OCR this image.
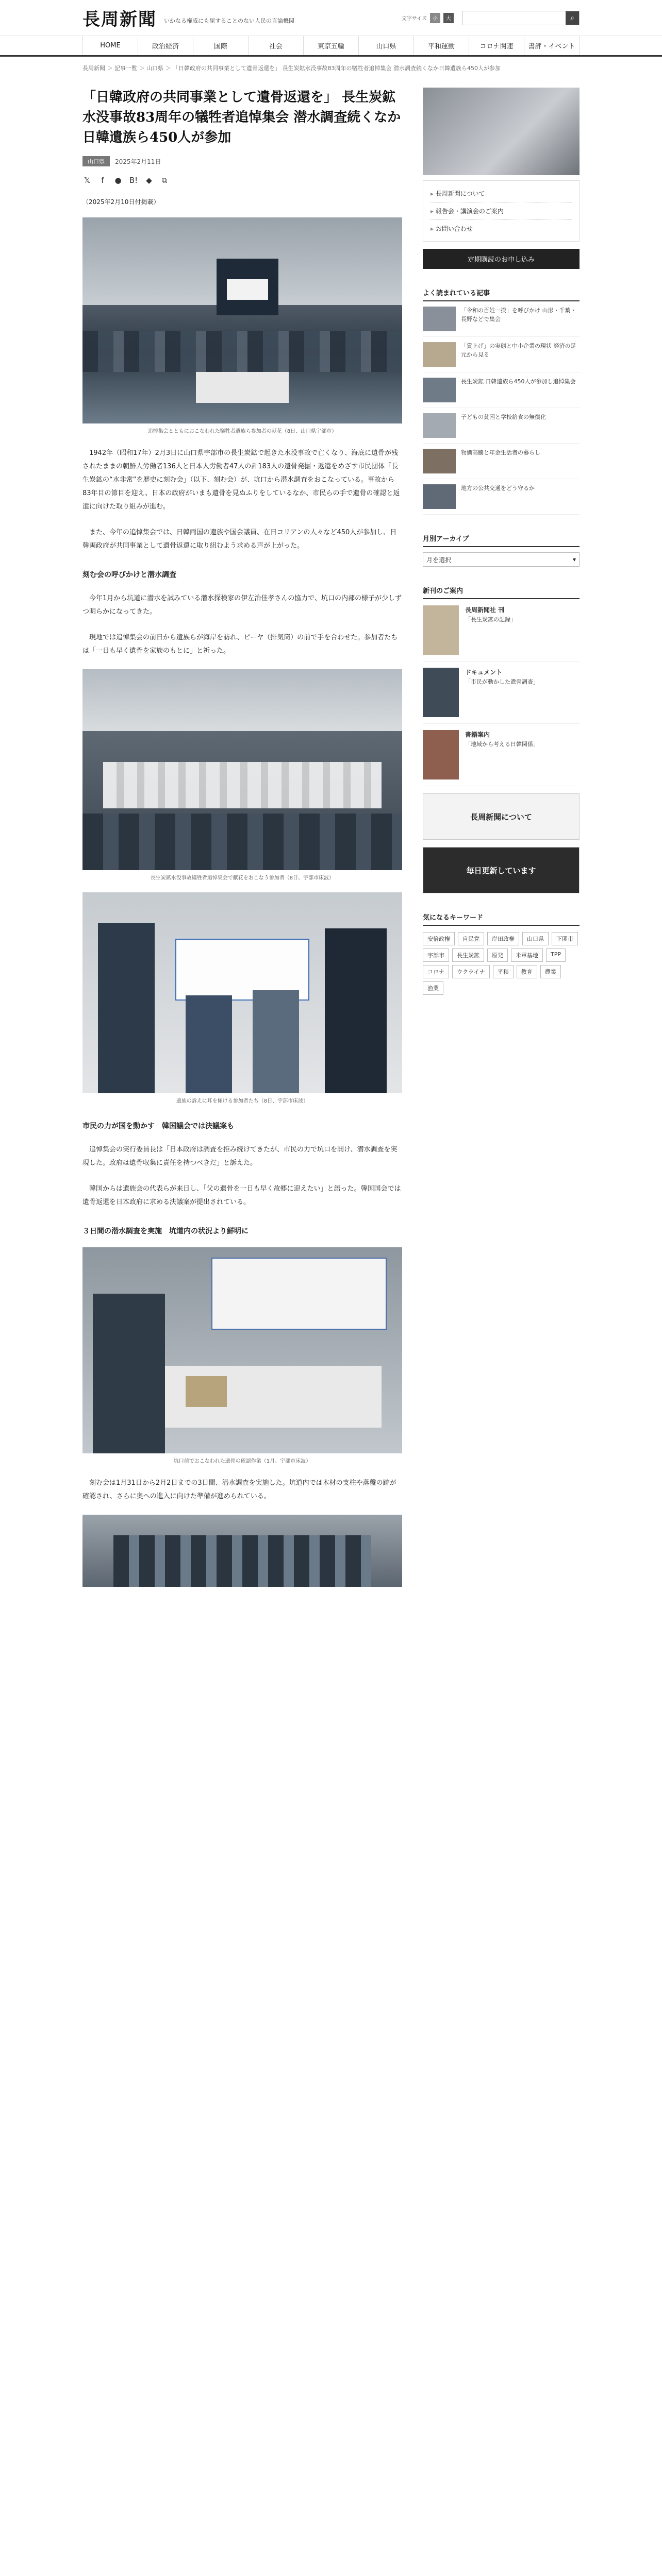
長周新聞 いかなる権威にも屈することのない人民の言論機関	文字サイズ	小	大	⌕
HOME	政治経済	国際	社会	東京五輪	山口県	平和運動	コロナ関連	書評・イベント
長周新聞 ＞ 記事一覧 ＞ 山口県 ＞ 「日韓政府の共同事業として遺骨返還を」 長生炭鉱水没事故83周年の犠牲者追悼集会 潜水調査続くなか日韓遺族ら450人が参加
「日韓政府の共同事業として遺骨返還を」 長生炭鉱水没事故83周年の犠牲者追悼集会 潜水調査続くなか日韓遺族ら450人が参加
山口県	2025年2月11日
𝕏	f	● B! ◆ ⧉
（2025年2月10日付掲載）
追悼集会とともにおこなわれた犠牲者遺族ら参加者の献花（8日、山口県宇部市）

1942年（昭和17年）2月3日に山口県宇部市の長生炭鉱で起きた水没事故で亡くなり、海底に遺骨が残されたままの朝鮮人労働者136人と日本人労働者47人の計183人の遺骨発掘・返還をめざす市民団体「長生炭鉱の“水非常”を歴史に刻む会」（以下、刻む会）が、坑口から潜水調査をおこなっている。事故から83年目の節目を迎え、日本の政府がいまも遺骨を見ぬふりをしているなか、市民らの手で遺骨の確認と返還に向けた取り組みが進む。

また、今年の追悼集会では、日韓両国の遺族や国会議員、在日コリアンの人々など450人が参加し、日韓両政府が共同事業として遺骨返還に取り組むよう求める声が上がった。

刻む会の呼びかけと潜水調査

今年1月から坑道に潜水を試みている潜水探検家の伊左治佳孝さんの協力で、坑口の内部の様子が少しずつ明らかになってきた。

現地では追悼集会の前日から遺族らが海岸を訪れ、ピーヤ（排気筒）の前で手を合わせた。参加者たちは「一日も早く遺骨を家族のもとに」と祈った。

長生炭鉱水没事故犠牲者追悼集会で献花をおこなう参加者（8日、宇部市床波）
遺族の訴えに耳を傾ける参加者たち（8日、宇部市床波）
市民の力が国を動かす　韓国議会では決議案も

追悼集会の実行委員長は「日本政府は調査を拒み続けてきたが、市民の力で坑口を開け、潜水調査を実現した。政府は遺骨収集に責任を持つべきだ」と訴えた。

韓国からは遺族会の代表らが来日し、「父の遺骨を一日も早く故郷に迎えたい」と語った。韓国国会では遺骨返還を日本政府に求める決議案が提出されている。

３日間の潜水調査を実施　坑道内の状況より鮮明に
坑口前でおこなわれた遺骨の確認作業（1月、宇部市床波）

刻む会は1月31日から2月2日までの3日間、潜水調査を実施した。坑道内では木材の支柱や落盤の跡が確認され、さらに奥への進入に向けた準備が進められている。

▸ 長周新聞について
▸ 報告会・講演会のご案内
▸ お問い合わせ
定期購読のお申し込み
よく読まれている記事
「令和の百姓一揆」を呼びかけ 山形・千葉・長野などで集会
「賃上げ」の実態と中小企業の現状 経済の足元から見る
長生炭鉱 日韓遺族ら450人が参加し追悼集会
子どもの貧困と学校給食の無償化
物価高騰と年金生活者の暮らし
地方の公共交通をどう守るか
月別アーカイブ
月を選択	▾
新刊のご案内
長周新聞社 刊
「長生炭鉱の記録」
ドキュメント
「市民が動かした遺骨調査」
書籍案内
「地域から考える日韓関係」
長周新聞について
毎日更新しています
気になるキーワード
安倍政権	自民党	岸田政権	山口県	下関市
宇部市	長生炭鉱	原発	米軍基地	TPP
コロナ	ウクライナ	平和	教育	農業
漁業
